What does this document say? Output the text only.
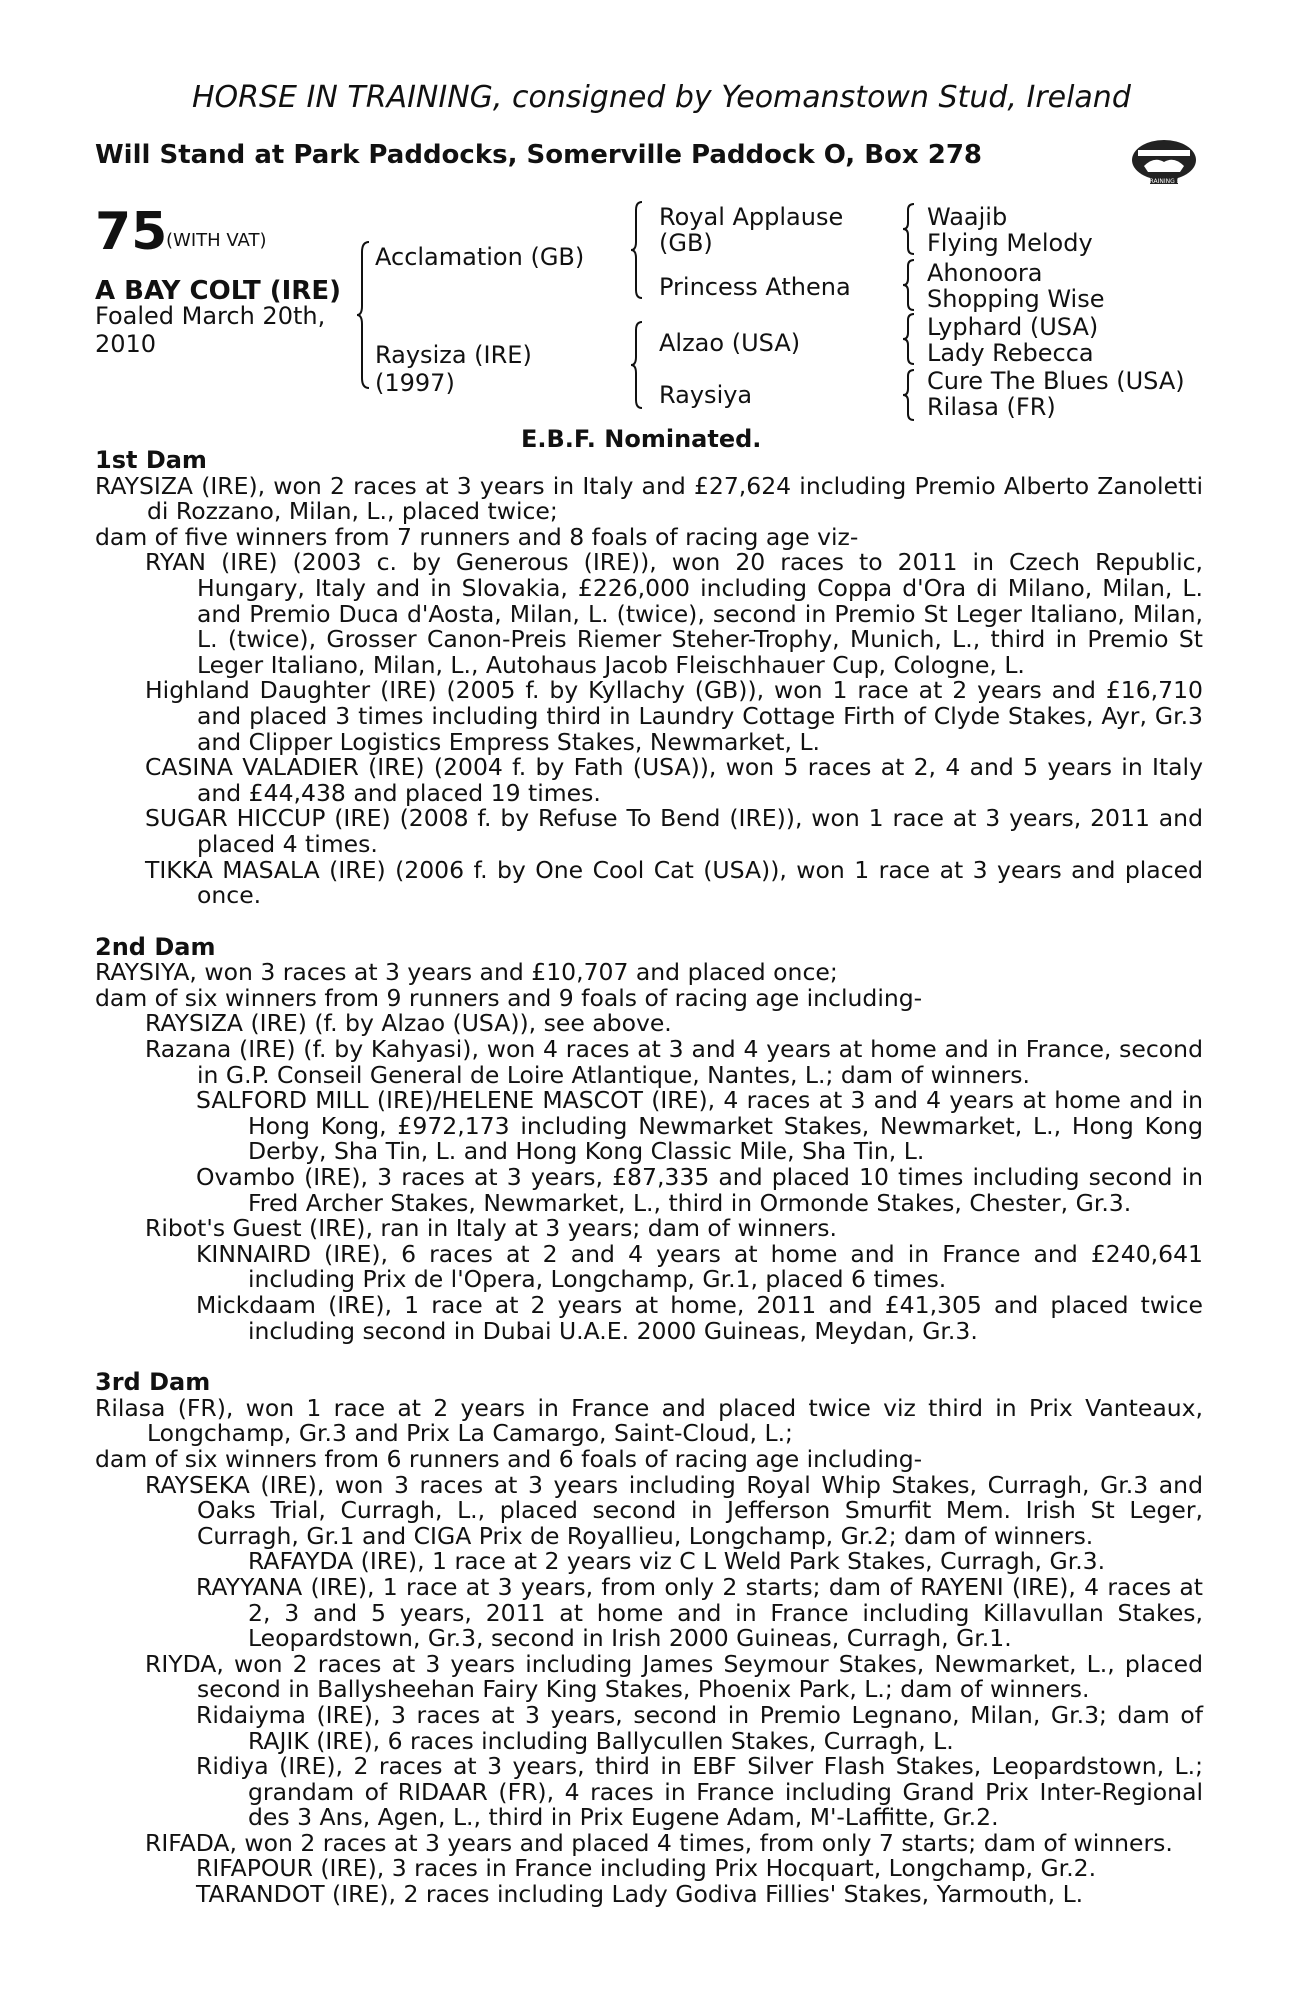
HORSE IN TRAINING, consigned by Yeomanstown Stud, Ireland
Will Stand at Park Paddocks, Somerville Paddock O, Box 278
RACING POST TRAINING BONUS £10,000
75
(WITH VAT)
A BAY COLT (IRE)
Foaled March 20th, 2010
Acclamation (GB)
Raysiza (IRE)
(1997)
Royal Applause
(GB)
Princess Athena
Alzao (USA)
Raysiya
Waajib
Flying Melody
Ahonoora
Shopping Wise
Lyphard (USA)
Lady Rebecca
Cure The Blues (USA)
Rilasa (FR)
E.B.F. Nominated.

1st Dam

RAYSIZA (IRE), won 2 races at 3 years in Italy and £27,624 including Premio Alberto Zanoletti di Rozzano, Milan, L., placed twice;

dam of five winners from 7 runners and 8 foals of racing age viz-

RYAN (IRE) (2003 c. by Generous (IRE)), won 20 races to 2011 in Czech Republic, Hungary, Italy and in Slovakia, £226,000 including Coppa d'Ora di Milano, Milan, L. and Premio Duca d'Aosta, Milan, L. (twice), second in Premio St Leger Italiano, Milan, L. (twice), Grosser Canon-Preis Riemer Steher-Trophy, Munich, L., third in Premio St Leger Italiano, Milan, L., Autohaus Jacob Fleischhauer Cup, Cologne, L.

Highland Daughter (IRE) (2005 f. by Kyllachy (GB)), won 1 race at 2 years and £16,710 and placed 3 times including third in Laundry Cottage Firth of Clyde Stakes, Ayr, Gr.3 and Clipper Logistics Empress Stakes, Newmarket, L.

CASINA VALADIER (IRE) (2004 f. by Fath (USA)), won 5 races at 2, 4 and 5 years in Italy and £44,438 and placed 19 times.

SUGAR HICCUP (IRE) (2008 f. by Refuse To Bend (IRE)), won 1 race at 3 years, 2011 and placed 4 times.

TIKKA MASALA (IRE) (2006 f. by One Cool Cat (USA)), won 1 race at 3 years and placed once.

2nd Dam

RAYSIYA, won 3 races at 3 years and £10,707 and placed once;

dam of six winners from 9 runners and 9 foals of racing age including-

RAYSIZA (IRE) (f. by Alzao (USA)), see above.

Razana (IRE) (f. by Kahyasi), won 4 races at 3 and 4 years at home and in France, second in G.P. Conseil General de Loire Atlantique, Nantes, L.; dam of winners.

SALFORD MILL (IRE)/HELENE MASCOT (IRE), 4 races at 3 and 4 years at home and in Hong Kong, £972,173 including Newmarket Stakes, Newmarket, L., Hong Kong Derby, Sha Tin, L. and Hong Kong Classic Mile, Sha Tin, L.

Ovambo (IRE), 3 races at 3 years, £87,335 and placed 10 times including second in Fred Archer Stakes, Newmarket, L., third in Ormonde Stakes, Chester, Gr.3.

Ribot's Guest (IRE), ran in Italy at 3 years; dam of winners.

KINNAIRD (IRE), 6 races at 2 and 4 years at home and in France and £240,641 including Prix de l'Opera, Longchamp, Gr.1, placed 6 times.

Mickdaam (IRE), 1 race at 2 years at home, 2011 and £41,305 and placed twice including second in Dubai U.A.E. 2000 Guineas, Meydan, Gr.3.

3rd Dam

Rilasa (FR), won 1 race at 2 years in France and placed twice viz third in Prix Vanteaux, Longchamp, Gr.3 and Prix La Camargo, Saint-Cloud, L.;

dam of six winners from 6 runners and 6 foals of racing age including-

RAYSEKA (IRE), won 3 races at 3 years including Royal Whip Stakes, Curragh, Gr.3 and Oaks Trial, Curragh, L., placed second in Jefferson Smurfit Mem. Irish St Leger, Curragh, Gr.1 and CIGA Prix de Royallieu, Longchamp, Gr.2; dam of winners.

RAFAYDA (IRE), 1 race at 2 years viz C L Weld Park Stakes, Curragh, Gr.3.

RAYYANA (IRE), 1 race at 3 years, from only 2 starts; dam of RAYENI (IRE), 4 races at 2, 3 and 5 years, 2011 at home and in France including Killavullan Stakes, Leopardstown, Gr.3, second in Irish 2000 Guineas, Curragh, Gr.1.

RIYDA, won 2 races at 3 years including James Seymour Stakes, Newmarket, L., placed second in Ballysheehan Fairy King Stakes, Phoenix Park, L.; dam of winners.

Ridaiyma (IRE), 3 races at 3 years, second in Premio Legnano, Milan, Gr.3; dam of RAJIK (IRE), 6 races including Ballycullen Stakes, Curragh, L.

Ridiya (IRE), 2 races at 3 years, third in EBF Silver Flash Stakes, Leopardstown, L.; grandam of RIDAAR (FR), 4 races in France including Grand Prix Inter-Regional des 3 Ans, Agen, L., third in Prix Eugene Adam, M'-Laffitte, Gr.2.

RIFADA, won 2 races at 3 years and placed 4 times, from only 7 starts; dam of winners.

RIFAPOUR (IRE), 3 races in France including Prix Hocquart, Longchamp, Gr.2.

TARANDOT (IRE), 2 races including Lady Godiva Fillies' Stakes, Yarmouth, L.
